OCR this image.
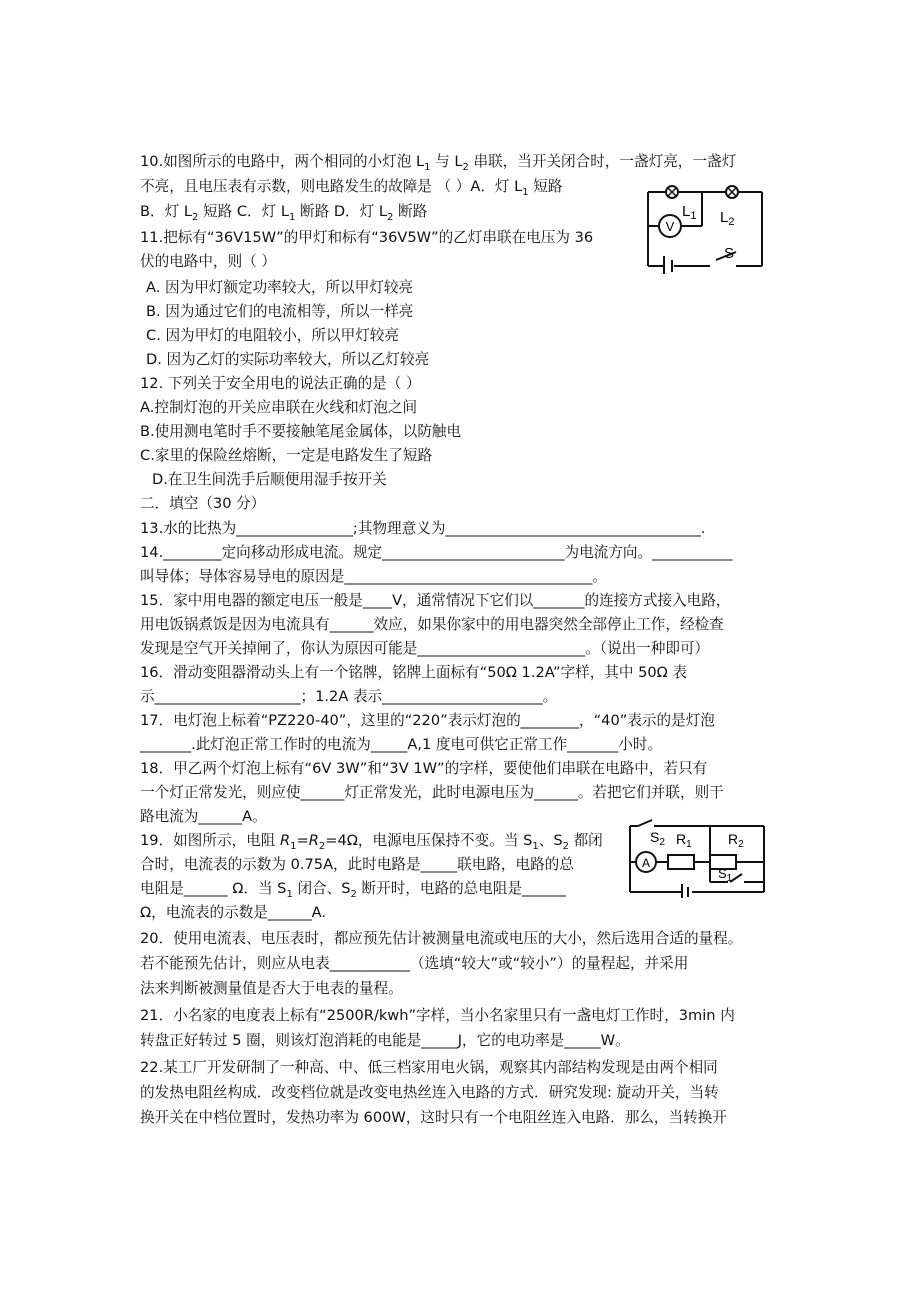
10.如图所示的电路中，两个相同的小灯泡 $L_1$ 与 $L_2$ 串联，当开关闭合时，一盏灯亮，一盏灯
不亮，且电压表有示数，则电路发生的故障是 （ ）A．灯 $L_1$ 短路
B．灯 $L_2$ 短路 C．灯 $L_1$ 断路 D．灯 $L_2$ 断路
V
$L_1$ $L_2$
S
11.把标有“36V15W”的甲灯和标有“36V5W”的乙灯串联在电压为 36
伏的电路中，则（ ）
A. 因为甲灯额定功率较大，所以甲灯较亮
B. 因为通过它们的电流相等，所以一样亮
C. 因为甲灯的电阻较小，所以甲灯较亮
D. 因为乙灯的实际功率较大，所以乙灯较亮
12. 下列关于安全用电的说法正确的是（ ）
A.控制灯泡的开关应串联在火线和灯泡之间
B.使用测电笔时手不要接触笔尾金属体，以防触电
C.家里的保险丝熔断，一定是电路发生了短路
D.在卫生间洗手后顺便用湿手按开关
二．填空（30 分）
13.水的比热为________________;其物理意义为___________________________________.
14.________定向移动形成电流。规定_________________________为电流方向。___________
叫导体；导体容易导电的原因是__________________________________。
15．家中用电器的额定电压一般是____V，通常情况下它们以_______的连接方式接入电路，
用电饭锅煮饭是因为电流具有______效应，如果你家中的用电器突然全部停止工作，经检查
发现是空气开关掉闸了，你认为原因可能是_______________________。（说出一种即可）
16．滑动变阻器滑动头上有一个铭牌，铭牌上面标有“50Ω 1.2A”字样，其中 50Ω 表
示____________________；1.2A 表示______________________。
17．电灯泡上标着“PZ220-40”，这里的“220”表示灯泡的________，“40”表示的是灯泡
_______.此灯泡正常工作时的电流为_____A,1 度电可供它正常工作_______小时。
18．甲乙两个灯泡上标有“6V 3W”和“3V 1W”的字样，要使他们串联在电路中，若只有
一个灯正常发光，则应使______灯正常发光，此时电源电压为______。若把它们并联，则干
路电流为______A。
19．如图所示，电阻 $R_1=R_2=4\Omega$，电源电压保持不变。当 $S_1$、$S_2$ 都闭
合时，电流表的示数为 0.75A，此时电路是_____联电路，电路的总
电阻是______ Ω．当 $S_1$ 闭合、$S_2$ 断开时，电路的总电阻是______
Ω，电流表的示数是______A.
A
$S_2$ $R_1$	$R_2$
$S_1$
20．使用电流表、电压表时，都应预先估计被测量电流或电压的大小，然后选用合适的量程。
若不能预先估计，则应从电表___________（选填“较大”或“较小”）的量程起，并采用
法来判断被测量值是否大于电表的量程。
21．小名家的电度表上标有“2500R/kwh”字样，当小名家里只有一盏电灯工作时，3min 内
转盘正好转过 5 圈，则该灯泡消耗的电能是_____J，它的电功率是_____W。
22.某工厂开发研制了一种高、中、低三档家用电火锅，观察其内部结构发现是由两个相同
的发热电阻丝构成．改变档位就是改变电热丝连入电路的方式．研究发现: 旋动开关，当转
换开关在中档位置时，发热功率为 600W，这时只有一个电阻丝连入电路．那么，当转换开
